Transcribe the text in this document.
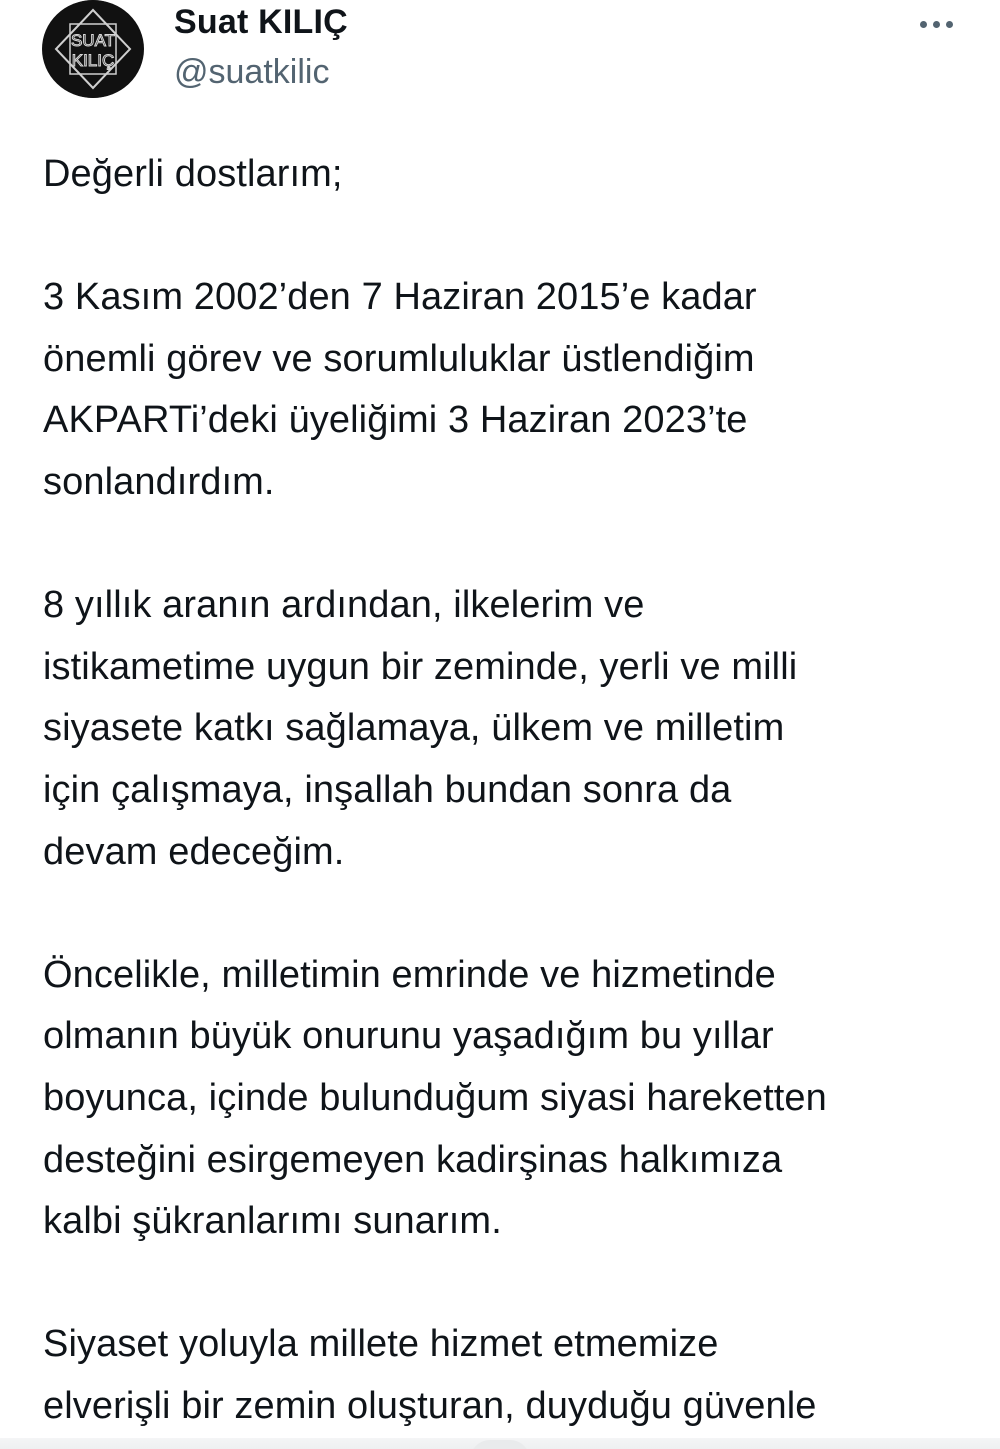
SUAT
KILIÇ
Suat KILIÇ
@suatkilic

Değerli dostlarım;

3 Kasım 2002’den 7 Haziran 2015’e kadar
önemli görev ve sorumluluklar üstlendiğim
AKPARTi’deki üyeliğimi 3 Haziran 2023’te
sonlandırdım.

8 yıllık aranın ardından, ilkelerim ve
istikametime uygun bir zeminde, yerli ve milli
siyasete katkı sağlamaya, ülkem ve milletim
için çalışmaya, inşallah bundan sonra da
devam edeceğim.

Öncelikle, milletimin emrinde ve hizmetinde
olmanın büyük onurunu yaşadığım bu yıllar
boyunca, içinde bulunduğum siyasi hareketten
desteğini esirgemeyen kadirşinas halkımıza
kalbi şükranlarımı sunarım.

Siyaset yoluyla millete hizmet etmemize
elverişli bir zemin oluşturan, duyduğu güvenle
